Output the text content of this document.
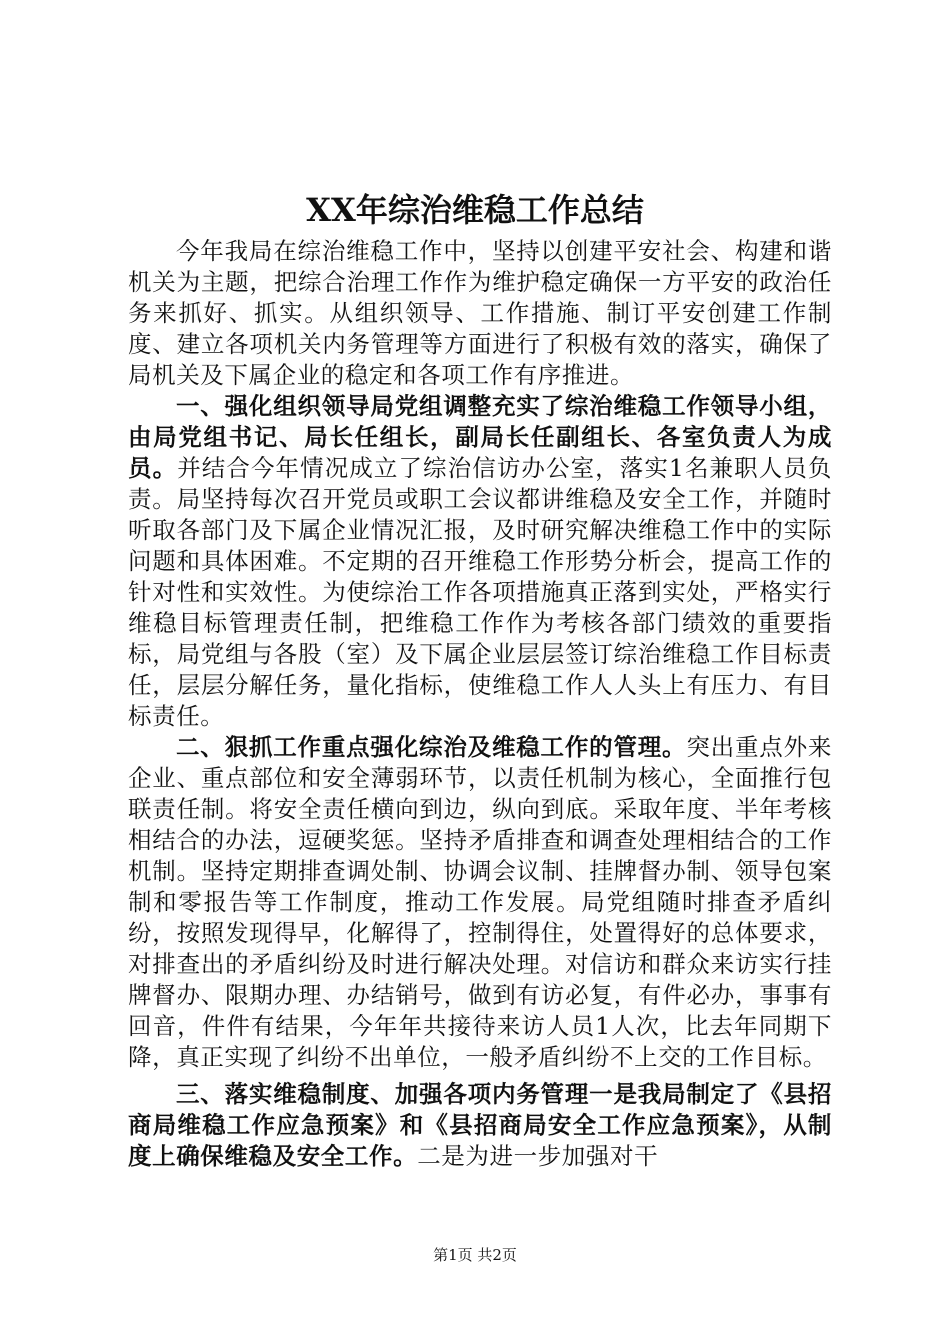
XX年综治维稳工作总结

今年我局在综治维稳工作中，坚持以创建平安社会、构建和谐机关为主题，把综合治理工作作为维护稳定确保一方平安的政治任务来抓好、抓实。从组织领导、工作措施、制订平安创建工作制度、建立各项机关内务管理等方面进行了积极有效的落实，确保了局机关及下属企业的稳定和各项工作有序推进。

一、强化组织领导局党组调整充实了综治维稳工作领导小组，由局党组书记、局长任组长，副局长任副组长、各室负责人为成员。并结合今年情况成立了综治信访办公室，落实1名兼职人员负责。局坚持每次召开党员或职工会议都讲维稳及安全工作，并随时听取各部门及下属企业情况汇报，及时研究解决维稳工作中的实际问题和具体困难。不定期的召开维稳工作形势分析会，提高工作的针对性和实效性。为使综治工作各项措施真正落到实处，严格实行维稳目标管理责任制，把维稳工作作为考核各部门绩效的重要指标，局党组与各股（室）及下属企业层层签订综治维稳工作目标责任，层层分解任务，量化指标，使维稳工作人人头上有压力、有目标责任。

二、狠抓工作重点强化综治及维稳工作的管理。突出重点外来企业、重点部位和安全薄弱环节，以责任机制为核心，全面推行包联责任制。将安全责任横向到边，纵向到底。采取年度、半年考核相结合的办法，逗硬奖惩。坚持矛盾排查和调查处理相结合的工作机制。坚持定期排查调处制、协调会议制、挂牌督办制、领导包案制和零报告等工作制度，推动工作发展。局党组随时排查矛盾纠纷，按照发现得早，化解得了，控制得住，处置得好的总体要求，对排查出的矛盾纠纷及时进行解决处理。对信访和群众来访实行挂牌督办、限期办理、办结销号，做到有访必复，有件必办，事事有回音，件件有结果，今年年共接待来访人员1人次，比去年同期下降，真正实现了纠纷不出单位，一般矛盾纠纷不上交的工作目标。

三、落实维稳制度、加强各项内务管理一是我局制定了《县招商局维稳工作应急预案》和《县招商局安全工作应急预案》，从制度上确保维稳及安全工作。二是为进一步加强对干

第1页 共2页
